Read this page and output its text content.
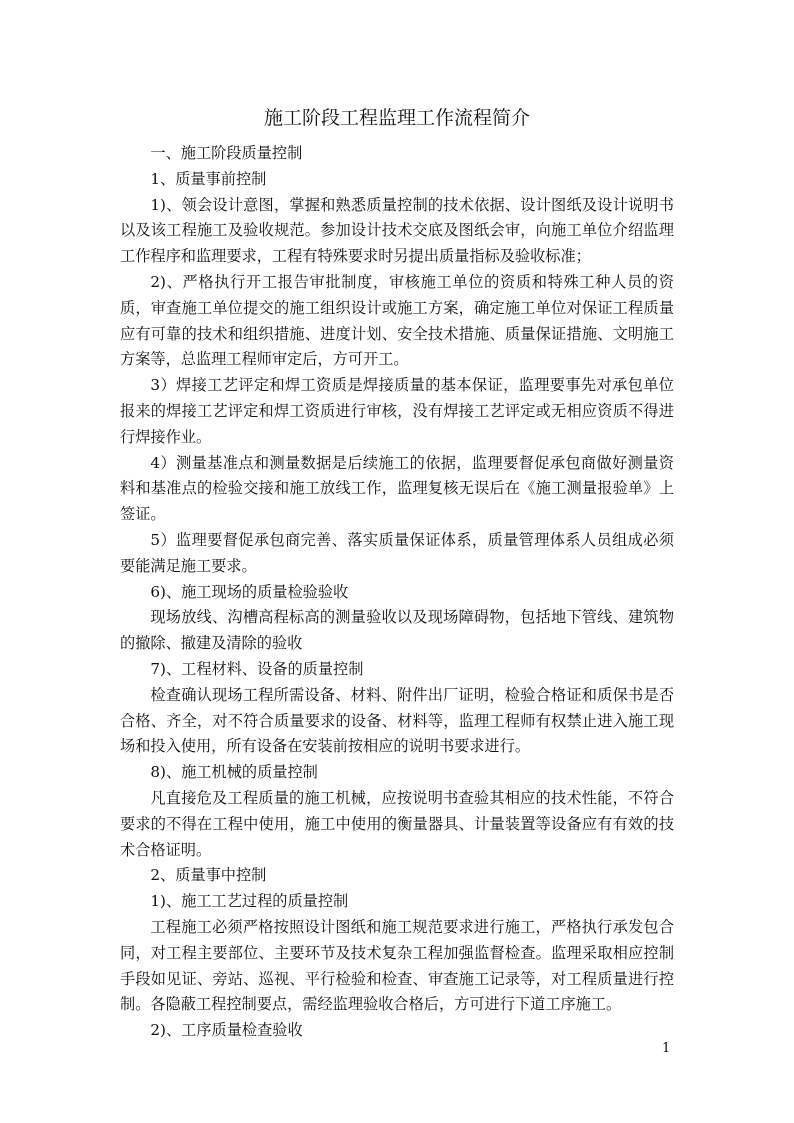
施工阶段工程监理工作流程简介

一、施工阶段质量控制

1、质量事前控制

1)、领会设计意图，掌握和熟悉质量控制的技术依据、设计图纸及设计说明书以及该工程施工及验收规范。参加设计技术交底及图纸会审，向施工单位介绍监理工作程序和监理要求，工程有特殊要求时另提出质量指标及验收标准；

2)、严格执行开工报告审批制度，审核施工单位的资质和特殊工种人员的资质，审查施工单位提交的施工组织设计或施工方案，确定施工单位对保证工程质量应有可靠的技术和组织措施、进度计划、安全技术措施、质量保证措施、文明施工方案等，总监理工程师审定后，方可开工。

3）焊接工艺评定和焊工资质是焊接质量的基本保证，监理要事先对承包单位报来的焊接工艺评定和焊工资质进行审核，没有焊接工艺评定或无相应资质不得进行焊接作业。

4）测量基准点和测量数据是后续施工的依据，监理要督促承包商做好测量资料和基准点的检验交接和施工放线工作，监理复核无误后在《施工测量报验单》上签证。

5）监理要督促承包商完善、落实质量保证体系，质量管理体系人员组成必须要能满足施工要求。

6)、施工现场的质量检验验收

现场放线、沟槽高程标高的测量验收以及现场障碍物，包括地下管线、建筑物的撤除、撤建及清除的验收

7)、工程材料、设备的质量控制

检查确认现场工程所需设备、材料、附件出厂证明，检验合格证和质保书是否合格、齐全，对不符合质量要求的设备、材料等，监理工程师有权禁止进入施工现场和投入使用，所有设备在安装前按相应的说明书要求进行。

8)、施工机械的质量控制

凡直接危及工程质量的施工机械，应按说明书查验其相应的技术性能，不符合要求的不得在工程中使用，施工中使用的衡量器具、计量装置等设备应有有效的技术合格证明。

2、质量事中控制

1)、施工工艺过程的质量控制

工程施工必须严格按照设计图纸和施工规范要求进行施工，严格执行承发包合同，对工程主要部位、主要环节及技术复杂工程加强监督检查。监理采取相应控制手段如见证、旁站、巡视、平行检验和检查、审查施工记录等，对工程质量进行控制。各隐蔽工程控制要点，需经监理验收合格后，方可进行下道工序施工。

2)、工序质量检查验收

1
